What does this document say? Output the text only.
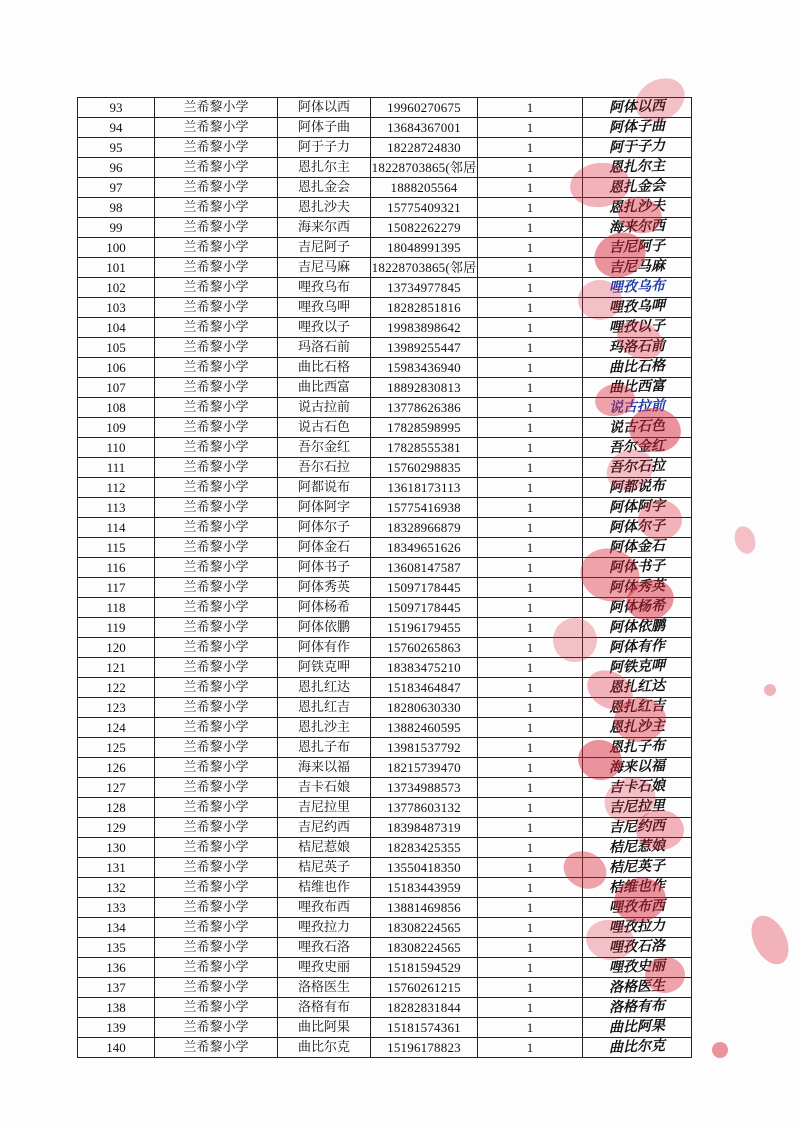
93	兰希黎小学	阿体以西	19960270675	1	阿体以西
94	兰希黎小学	阿体子曲	13684367001	1	阿体子曲
95	兰希黎小学	阿于子力	18228724830	1	阿于子力
96	兰希黎小学	恩扎尔主	18228703865(邻居	1	恩扎尔主
97	兰希黎小学	恩扎金会	1888205564	1	恩扎金会
98	兰希黎小学	恩扎沙夫	15775409321	1	恩扎沙夫
99	兰希黎小学	海来尔西	15082262279	1	海来尔西
100	兰希黎小学	吉尼阿子	18048991395	1	吉尼阿子
101	兰希黎小学	吉尼马麻	18228703865(邻居	1	吉尼马麻
102	兰希黎小学	哩孜乌布	13734977845	1	哩孜乌布
103	兰希黎小学	哩孜乌呷	18282851816	1	哩孜乌呷
104	兰希黎小学	哩孜以子	19983898642	1	哩孜以子
105	兰希黎小学	玛洛石前	13989255447	1	玛洛石前
106	兰希黎小学	曲比石格	15983436940	1	曲比石格
107	兰希黎小学	曲比西富	18892830813	1	曲比西富
108	兰希黎小学	说古拉前	13778626386	1	说古拉前
109	兰希黎小学	说古石色	17828598995	1	说古石色
110	兰希黎小学	吾尔金红	17828555381	1	吾尔金红
111	兰希黎小学	吾尔石拉	15760298835	1	吾尔石拉
112	兰希黎小学	阿都说布	13618173113	1	阿都说布
113	兰希黎小学	阿体阿字	15775416938	1	阿体阿字
114	兰希黎小学	阿体尔子	18328966879	1	阿体尔子
115	兰希黎小学	阿体金石	18349651626	1	阿体金石
116	兰希黎小学	阿体书子	13608147587	1	阿体书子
117	兰希黎小学	阿体秀英	15097178445	1	阿体秀英
118	兰希黎小学	阿体杨希	15097178445	1	阿体杨希
119	兰希黎小学	阿体依鹏	15196179455	1	阿体依鹏
120	兰希黎小学	阿体有作	15760265863	1	阿体有作
121	兰希黎小学	阿铁克呷	18383475210	1	阿铁克呷
122	兰希黎小学	恩扎红达	15183464847	1	恩扎红达
123	兰希黎小学	恩扎红吉	18280630330	1	恩扎红吉
124	兰希黎小学	恩扎沙主	13882460595	1	恩扎沙主
125	兰希黎小学	恩扎子布	13981537792	1	恩扎子布
126	兰希黎小学	海来以福	18215739470	1	海来以福
127	兰希黎小学	吉卡石娘	13734988573	1	吉卡石娘
128	兰希黎小学	吉尼拉里	13778603132	1	吉尼拉里
129	兰希黎小学	吉尼约西	18398487319	1	吉尼约西
130	兰希黎小学	桔尼惹娘	18283425355	1	桔尼惹娘
131	兰希黎小学	桔尼英子	13550418350	1	桔尼英子
132	兰希黎小学	桔维也作	15183443959	1	桔维也作
133	兰希黎小学	哩孜布西	13881469856	1	哩孜布西
134	兰希黎小学	哩孜拉力	18308224565	1	哩孜拉力
135	兰希黎小学	哩孜石洛	18308224565	1	哩孜石洛
136	兰希黎小学	哩孜史丽	15181594529	1	哩孜史丽
137	兰希黎小学	洛格医生	15760261215	1	洛格医生
138	兰希黎小学	洛格有布	18282831844	1	洛格有布
139	兰希黎小学	曲比阿果	15181574361	1	曲比阿果
140	兰希黎小学	曲比尔克	15196178823	1	曲比尔克
